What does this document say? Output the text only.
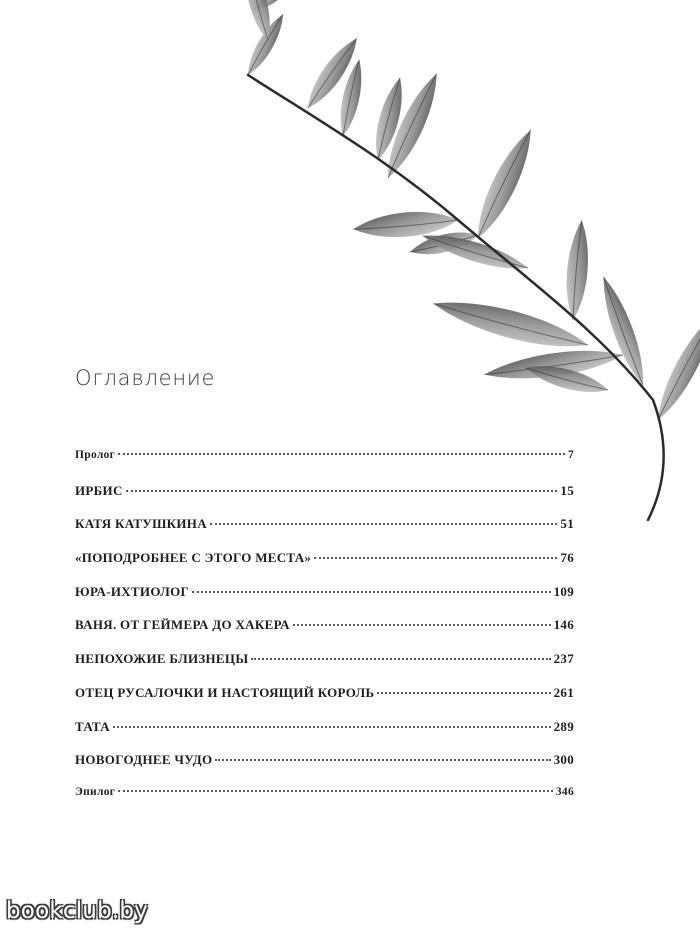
Оглавление
Пролог	7
ИРБИС	15
КАТЯ КАТУШКИНА	51
«ПОПОДРОБНЕЕ С ЭТОГО МЕСТА»	76
ЮРА-ИХТИОЛОГ	109
ВАНЯ. ОТ ГЕЙМЕРА ДО ХАКЕРА	146
НЕПОХОЖИЕ БЛИЗНЕЦЫ	237
ОТЕЦ РУСАЛОЧКИ И НАСТОЯЩИЙ КОРОЛЬ	261
ТАТА	289
НОВОГОДНЕЕ ЧУДО	300
Эпилог	346
bookclub.by
